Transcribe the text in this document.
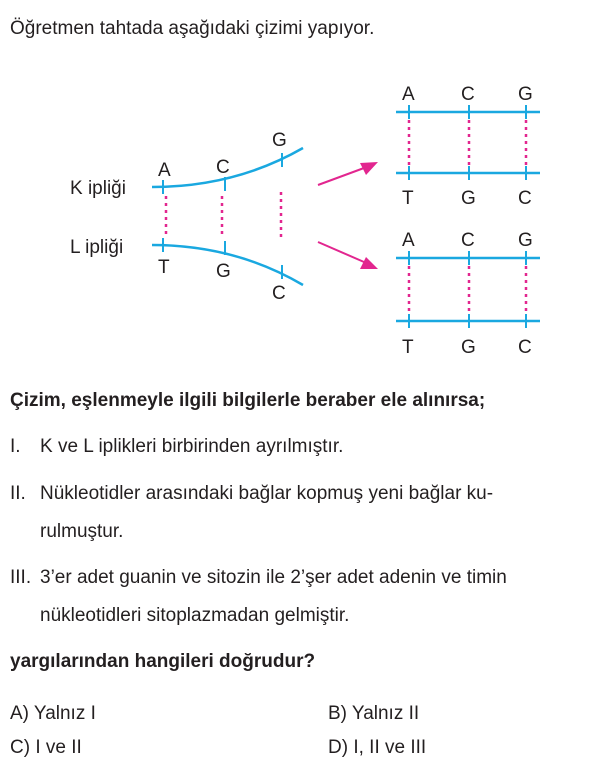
Öğretmen tahtada aşağıdaki çizimi yapıyor.
K ipliği
L ipliği
A C
G
T G
C
A C G
T G C
A C G
T G C
Çizim, eşlenmeyle ilgili bilgilerle beraber ele alınırsa;
I. K ve L iplikleri birbirinden ayrılmıştır.
II. Nükleotidler arasındaki bağlar kopmuş yeni bağlar ku-
rulmuştur.
III. 3’er adet guanin ve sitozin ile 2’şer adet adenin ve timin
nükleotidleri sitoplazmadan gelmiştir.
yargılarından hangileri doğrudur?
A) Yalnız I	B) Yalnız II
C) I ve II	D) I, II ve III
